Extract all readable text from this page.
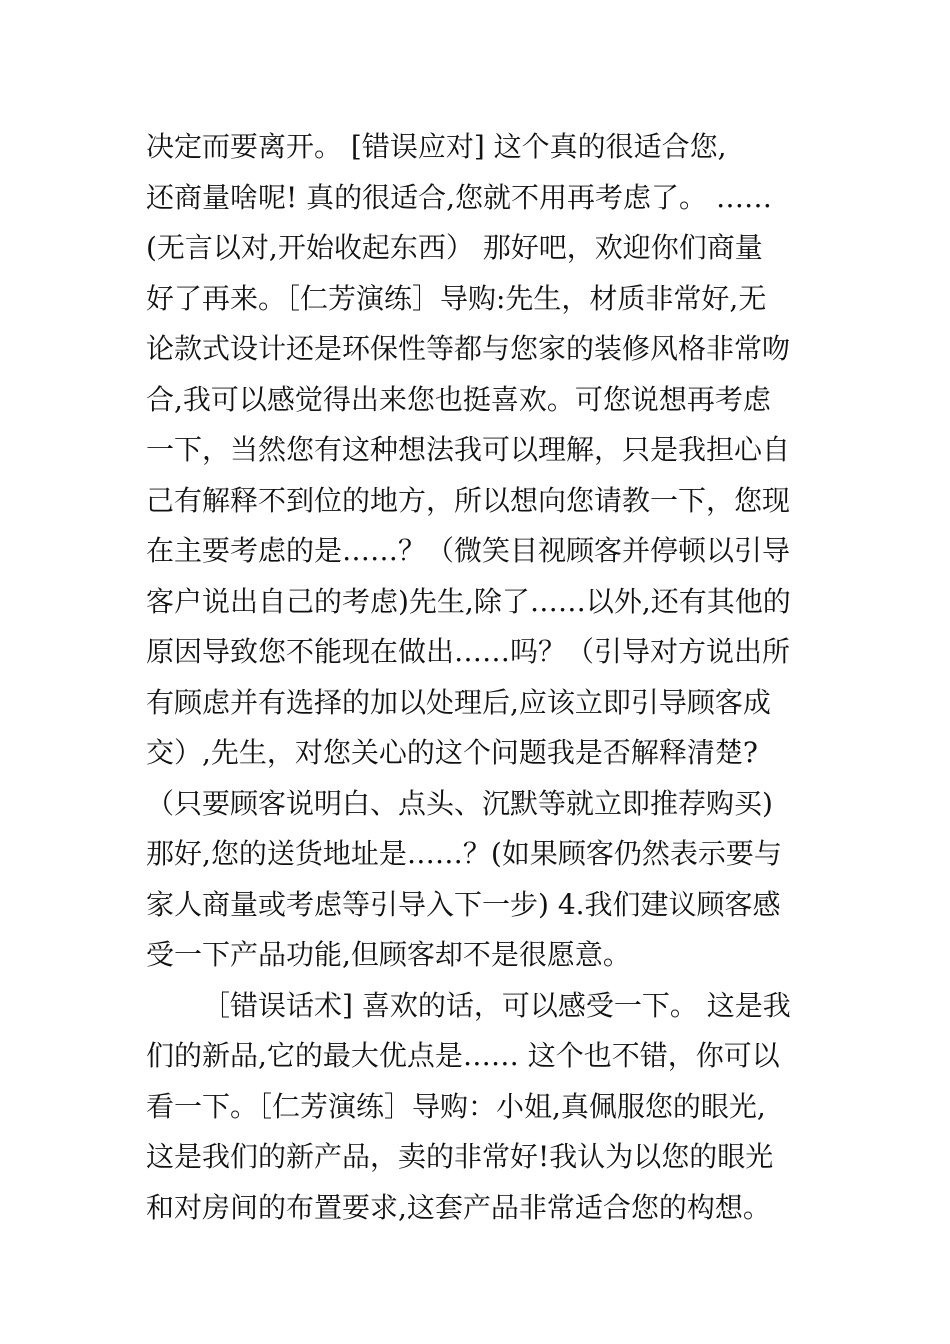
决定而要离开。 [错误应对] 这个真的很适合您,
还商量啥呢! 真的很适合,您就不用再考虑了。 ……
(无言以对,开始收起东西） 那好吧，欢迎你们商量
好了再来。［仁芳演练］导购:先生，材质非常好,无
论款式设计还是环保性等都与您家的装修风格非常吻
合,我可以感觉得出来您也挺喜欢。可您说想再考虑
一下，当然您有这种想法我可以理解，只是我担心自
己有解释不到位的地方，所以想向您请教一下，您现
在主要考虑的是……？（微笑目视顾客并停顿以引导
客户说出自己的考虑)先生,除了……以外,还有其他的
原因导致您不能现在做出……吗？（引导对方说出所
有顾虑并有选择的加以处理后,应该立即引导顾客成
交）,先生，对您关心的这个问题我是否解释清楚?
（只要顾客说明白、点头、沉默等就立即推荐购买)
那好,您的送货地址是……？(如果顾客仍然表示要与
家人商量或考虑等引导入下一步) 4.我们建议顾客感
受一下产品功能,但顾客却不是很愿意。

［错误话术] 喜欢的话，可以感受一下。 这是我
们的新品,它的最大优点是…… 这个也不错，你可以
看一下。［仁芳演练］导购：小姐,真佩服您的眼光,
这是我们的新产品，卖的非常好!我认为以您的眼光
和对房间的布置要求,这套产品非常适合您的构想。
